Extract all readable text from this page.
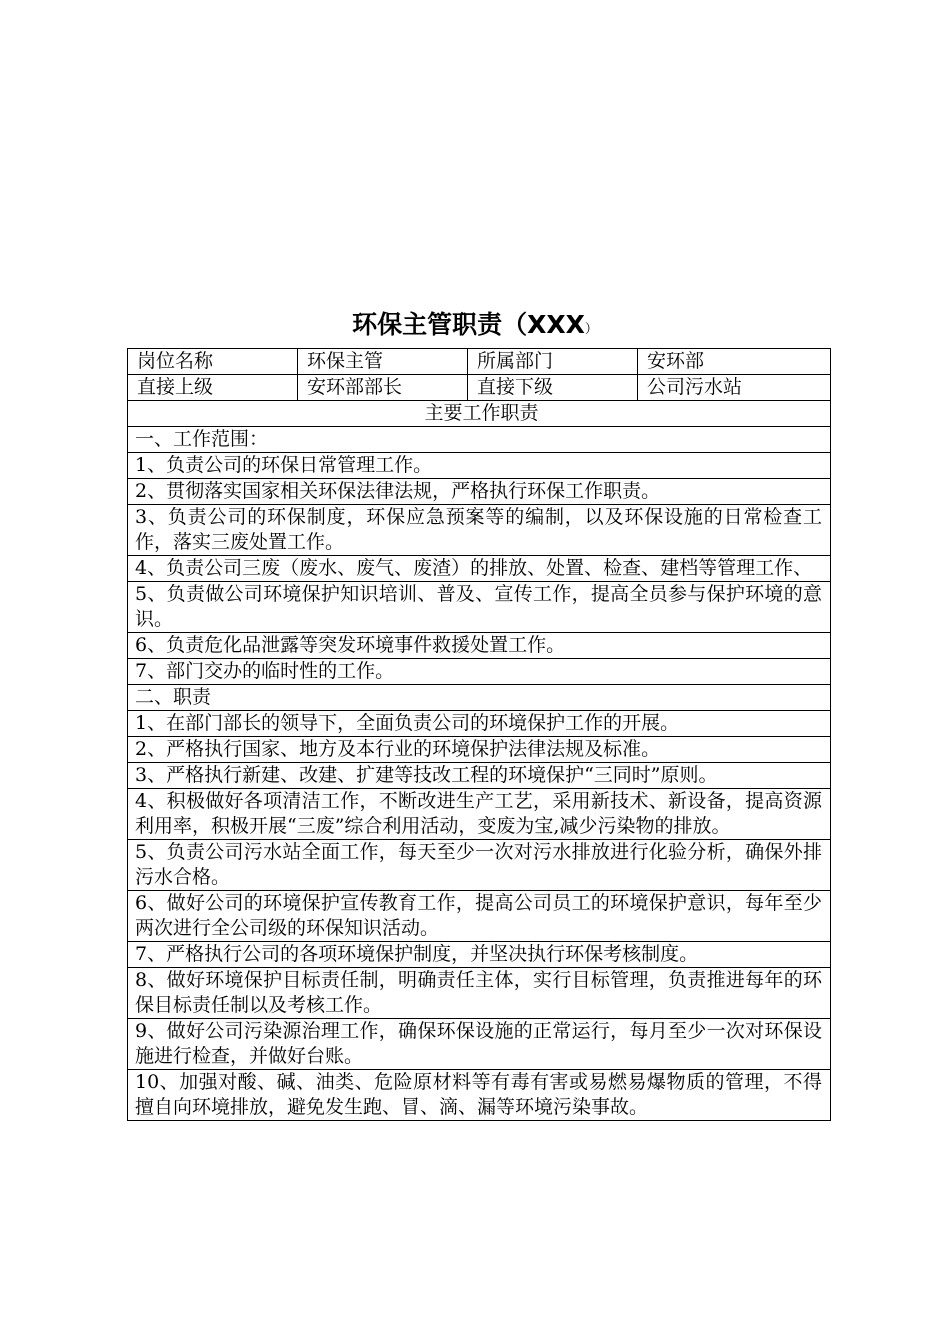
环保主管职责（XXX）
岗位名称	环保主管	所属部门	安环部
直接上级	安环部部长	直接下级	公司污水站
主要工作职责			
一、工作范围：			
1、负责公司的环保日常管理工作。			
2、贯彻落实国家相关环保法律法规，严格执行环保工作职责。			
3、负责公司的环保制度，环保应急预案等的编制，以及环保设施的日常检查工作，落实三废处置工作。			
4、负责公司三废（废水、废气、废渣）的排放、处置、检查、建档等管理工作、			
5、负责做公司环境保护知识培训、普及、宣传工作，提高全员参与保护环境的意识。			
6、负责危化品泄露等突发环境事件救援处置工作。			
7、部门交办的临时性的工作。			
二、职责			
1、在部门部长的领导下，全面负责公司的环境保护工作的开展。			
2、严格执行国家、地方及本行业的环境保护法律法规及标准。			
3、严格执行新建、改建、扩建等技改工程的环境保护“三同时”原则。			
4、积极做好各项清洁工作，不断改进生产工艺，采用新技术、新设备，提高资源利用率，积极开展“三废”综合利用活动，变废为宝,减少污染物的排放。			
5、负责公司污水站全面工作，每天至少一次对污水排放进行化验分析，确保外排污水合格。			
6、做好公司的环境保护宣传教育工作，提高公司员工的环境保护意识，每年至少两次进行全公司级的环保知识活动。			
7、严格执行公司的各项环境保护制度，并坚决执行环保考核制度。			
8、做好环境保护目标责任制，明确责任主体，实行目标管理，负责推进每年的环保目标责任制以及考核工作。			
9、做好公司污染源治理工作，确保环保设施的正常运行，每月至少一次对环保设施进行检查，并做好台账。			
10、加强对酸、碱、油类、危险原材料等有毒有害或易燃易爆物质的管理，不得擅自向环境排放，避免发生跑、冒、滴、漏等环境污染事故。			
